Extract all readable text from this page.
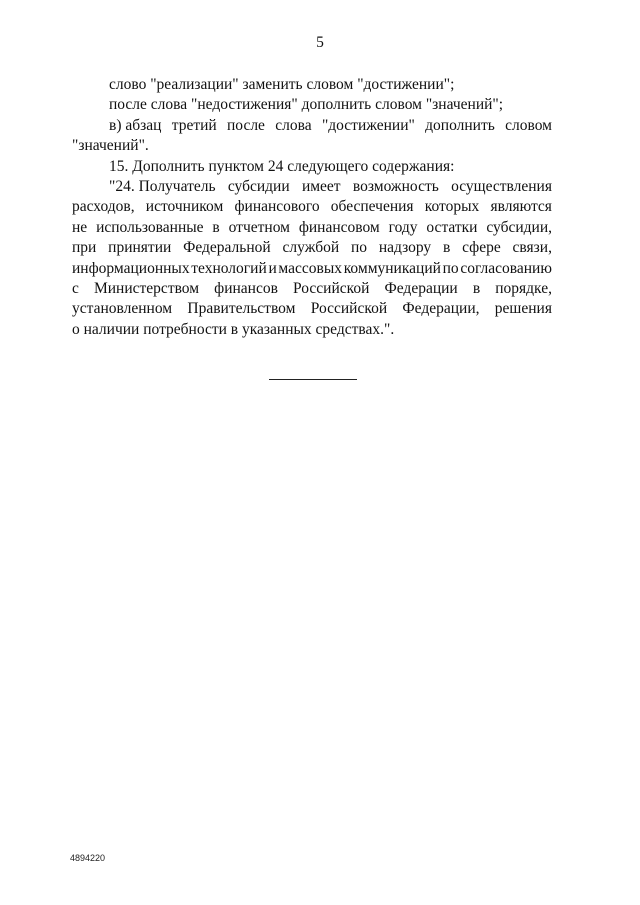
5
слово "реализации" заменить словом "достижении";
после слова "недостижения" дополнить словом "значений";
в) абзац третий после слова "достижении" дополнить словом
"значений".
15. Дополнить пунктом 24 следующего содержания:
"24. Получатель субсидии имеет возможность осуществления
расходов, источником финансового обеспечения которых являются
не использованные в отчетном финансовом году остатки субсидии,
при принятии Федеральной службой по надзору в сфере связи,
информационных технологий и массовых коммуникаций по согласованию
с Министерством финансов Российской Федерации в порядке,
установленном Правительством Российской Федерации, решения
о наличии потребности в указанных средствах.".
4894220
